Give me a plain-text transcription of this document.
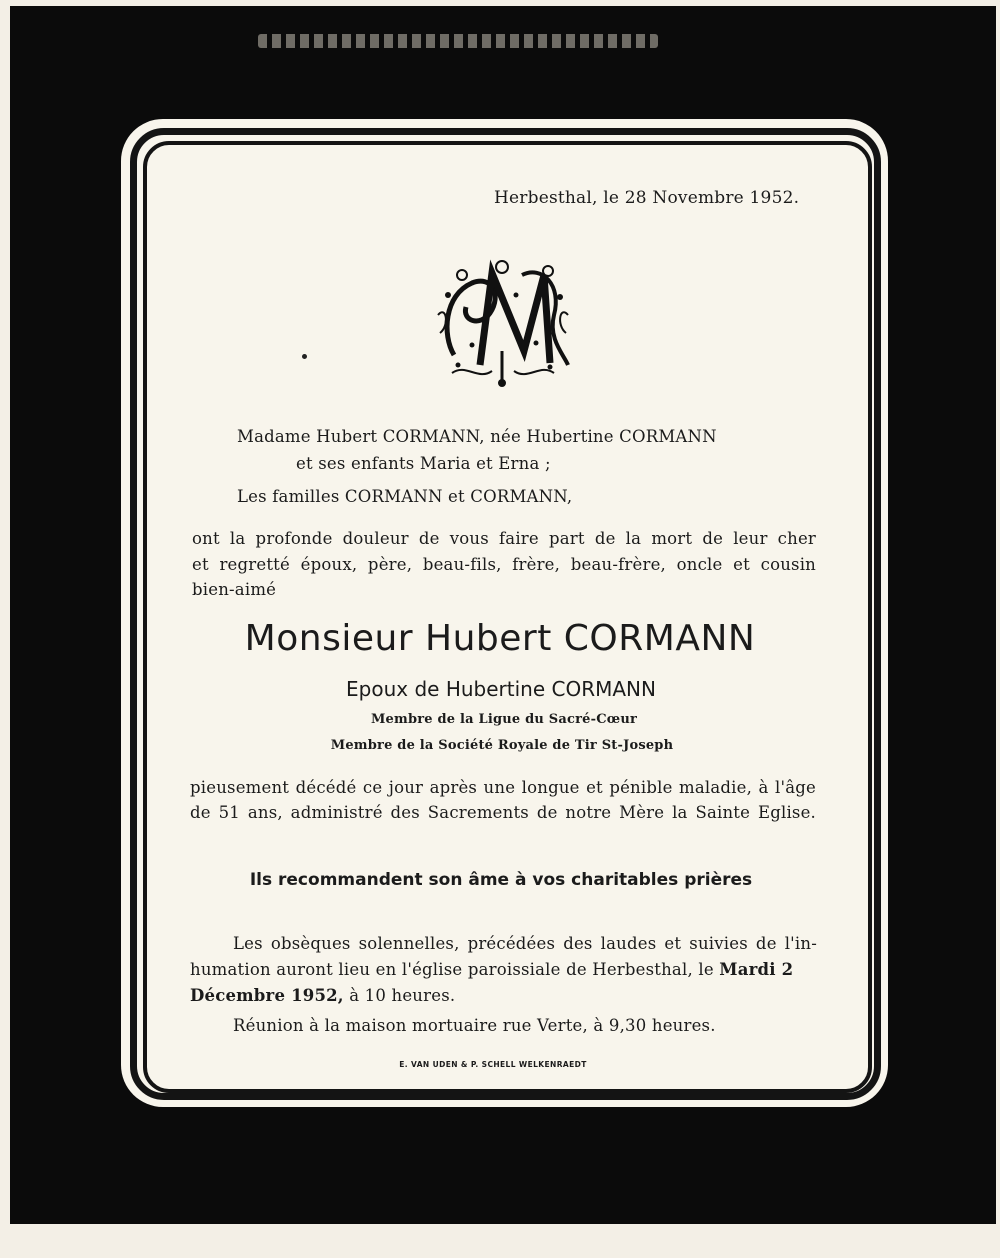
Herbesthal, le 28 Novembre 1952.
Madame Hubert CORMANN, née Hubertine CORMANN
et ses enfants Maria et Erna ;
Les familles CORMANN et CORMANN,
ont la profonde douleur de vous faire part de la mort de leur cher
et regretté époux, père, beau-fils, frère, beau-frère, oncle et cousin
bien-aimé
Monsieur Hubert CORMANN
Epoux de Hubertine CORMANN
Membre de la Ligue du Sacré-Cœur
Membre de la Société Royale de Tir St-Joseph
pieusement décédé ce jour après une longue et pénible maladie, à l'âge
de 51 ans, administré des Sacrements de notre Mère la Sainte Eglise.
Ils recommandent son âme à vos charitables prières
Les obsèques solennelles, précédées des laudes et suivies de l'in-
humation auront lieu en l'église paroissiale de Herbesthal, le Mardi 2
Décembre 1952, à 10 heures.
Réunion à la maison mortuaire rue Verte, à 9,30 heures.
E. VAN UDEN & P. SCHELL WELKENRAEDT
